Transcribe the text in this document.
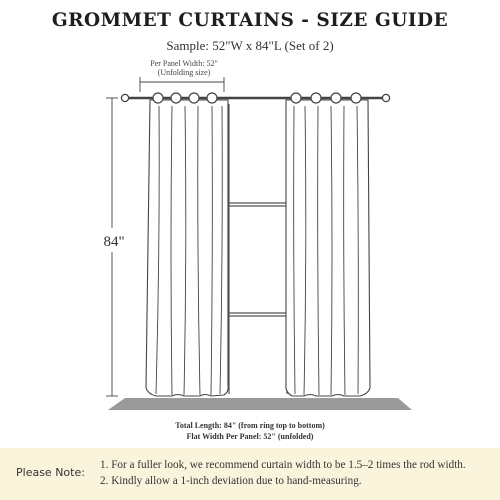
GROMMET CURTAINS - SIZE GUIDE
Sample: 52"W x 84"L (Set of 2)
Per Panel Width: 52"
(Unfolding size)
84"
Total Length: 84" (from ring top to bottom)
Flat Width Per Panel: 52" (unfolded)
Please Note:
1. For a fuller look, we recommend curtain width to be 1.5–2 times the rod width.
2. Kindly allow a 1-inch deviation due to hand-measuring.
